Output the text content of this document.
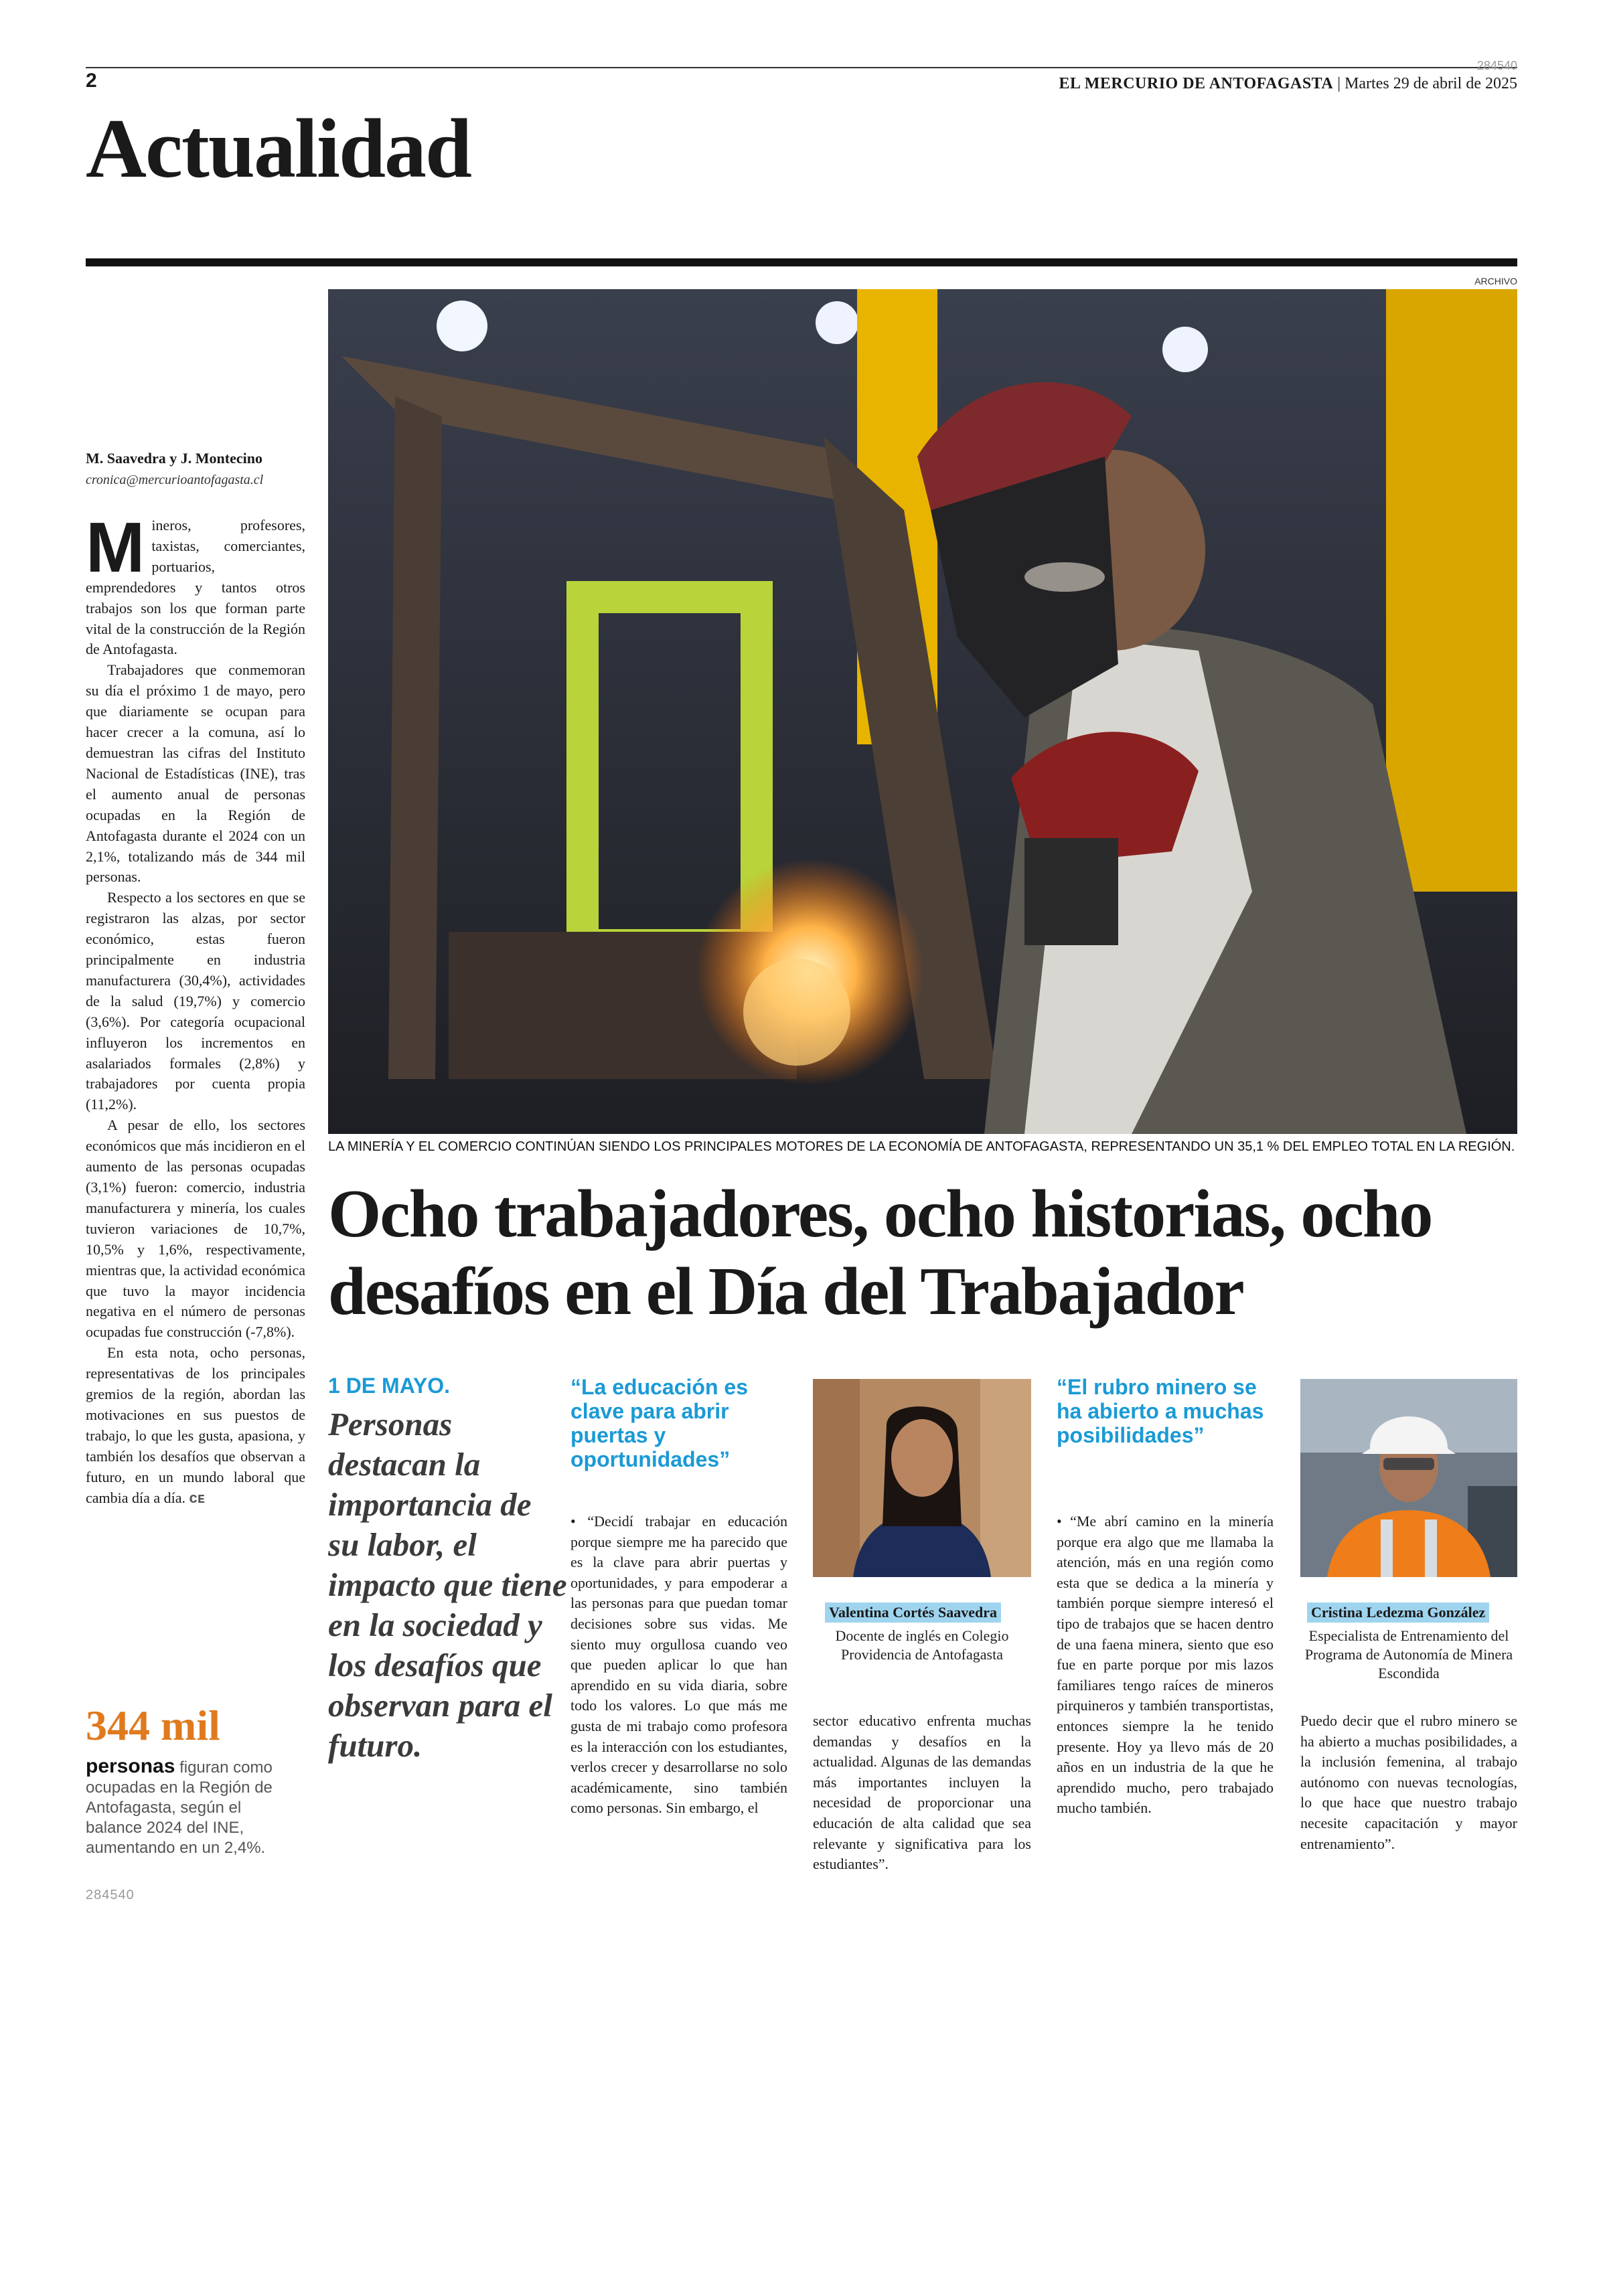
2
284540
EL MERCURIO DE ANTOFAGASTA | Martes 29 de abril de 2025
Actualidad
ARCHIVO
LA MINERÍA Y EL COMERCIO CONTINÚAN SIENDO LOS PRINCIPALES MOTORES DE LA ECONOMÍA DE ANTOFAGASTA, REPRESENTANDO UN 35,1 % DEL EMPLEO TOTAL EN LA REGIÓN.
M. Saavedra y J. Montecino
cronica@mercurioantofagasta.cl

Mineros, profesores, taxistas, comerciantes, portuarios, emprendedores y tantos otros trabajos son los que forman parte vital de la construcción de la Región de Antofagasta.

Trabajadores que conmemoran su día el próximo 1 de mayo, pero que diariamente se ocupan para hacer crecer a la comuna, así lo demuestran las cifras del Instituto Nacional de Estadísticas (INE), tras el aumento anual de personas ocupadas en la Región de Antofagasta durante el 2024 con un 2,1%, totalizando más de 344 mil personas.

Respecto a los sectores en que se registraron las alzas, por sector económico, estas fueron principalmente en industria manufacturera (30,4%), actividades de la salud (19,7%) y comercio (3,6%). Por categoría ocupacional influyeron los incrementos en asalariados formales (2,8%) y trabajadores por cuenta propia (11,2%).

A pesar de ello, los sectores económicos que más incidieron en el aumento de las personas ocupadas (3,1%) fueron: comercio, industria manufacturera y minería, los cuales tuvieron variaciones de 10,7%, 10,5% y 1,6%, respectivamente, mientras que, la actividad económica que tuvo la mayor incidencia negativa en el número de personas ocupadas fue construcción (-7,8%).

En esta nota, ocho personas, representativas de los principales gremios de la región, abordan las motivaciones en sus puestos de trabajo, lo que les gusta, apasiona, y también los desafíos que observan a futuro, en un mundo laboral que cambia día a día. ᴄᴇ

344 mil
personas figuran como ocupadas en la Región de Antofagasta, según el balance 2024 del INE, aumentando en un 2,4%.
284540
Ocho trabajadores, ocho historias, ocho desafíos en el Día del Trabajador
1 DE MAYO.
Personas destacan la importancia de su labor, el impacto que tiene en la sociedad y los desafíos que observan para el futuro.
“La educación es clave para abrir puertas y oportunidades”
• “Decidí trabajar en educación porque siempre me ha parecido que es la clave para abrir puertas y oportunidades, y para empoderar a las personas para que puedan tomar decisiones sobre sus vidas. Me siento muy orgullosa cuando veo que pueden aplicar lo que han aprendido en su vida diaria, sobre todo los valores. Lo que más me gusta de mi trabajo como profesora es la interacción con los estudiantes, verlos crecer y desarrollarse no solo académicamente, sino también como personas. Sin embargo, el
Valentina Cortés Saavedra
Docente de inglés en Colegio Providencia de Antofagasta
sector educativo enfrenta muchas demandas y desafíos en la actualidad. Algunas de las demandas más importantes incluyen la necesidad de proporcionar una educación de alta calidad que sea relevante y significativa para los estudiantes”.
“El rubro minero se ha abierto a muchas posibilidades”
• “Me abrí camino en la minería porque era algo que me llamaba la atención, más en una región como esta que se dedica a la minería y también porque siempre interesó el tipo de trabajos que se hacen dentro de una faena minera, siento que eso fue en parte porque por mis lazos familiares tengo raíces de mineros pirquineros y también transportistas, entonces siempre la he tenido presente. Hoy ya llevo más de 20 años en un industria de la que he aprendido mucho, pero trabajado mucho también.
Cristina Ledezma González
Especialista de Entrenamiento del Programa de Autonomía de Minera Escondida
Puedo decir que el rubro minero se ha abierto a muchas posibilidades, a la inclusión femenina, al trabajo autónomo con nuevas tecnologías, lo que hace que nuestro trabajo necesite capacitación y mayor entrenamiento”.
